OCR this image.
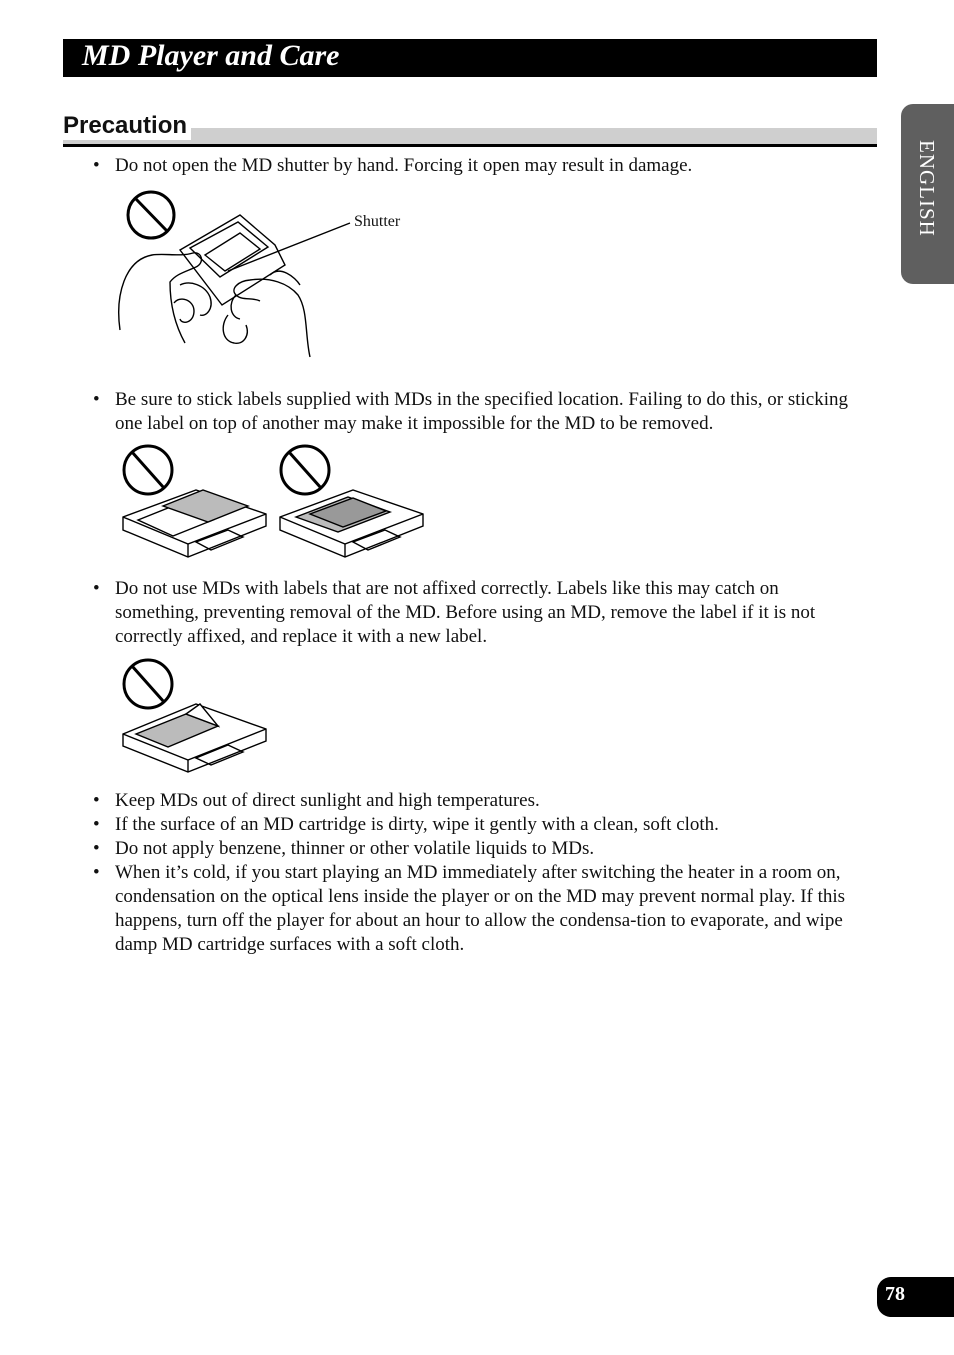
MD Player and Care
Precaution
ENGLISH
• Do not open the MD shutter by hand. Forcing it open may result in damage.
Shutter
• Be sure to stick labels supplied with MDs in the specified location. Failing to do this, or sticking one label on top of another may make it impossible for the MD to be removed.
• Do not use MDs with labels that are not affixed correctly. Labels like this may catch on something, preventing removal of the MD. Before using an MD, remove the label if it is not correctly affixed, and replace it with a new label.
• Keep MDs out of direct sunlight and high temperatures.
• If the surface of an MD cartridge is dirty, wipe it gently with a clean, soft cloth.
• Do not apply benzene, thinner or other volatile liquids to MDs.
• When it’s cold, if you start playing an MD immediately after switching the heater in a room on, condensation on the optical lens inside the player or on the MD may prevent normal play. If this happens, turn off the player for about an hour to allow the condensa-tion to evaporate, and wipe damp MD cartridge surfaces with a soft cloth.
78
